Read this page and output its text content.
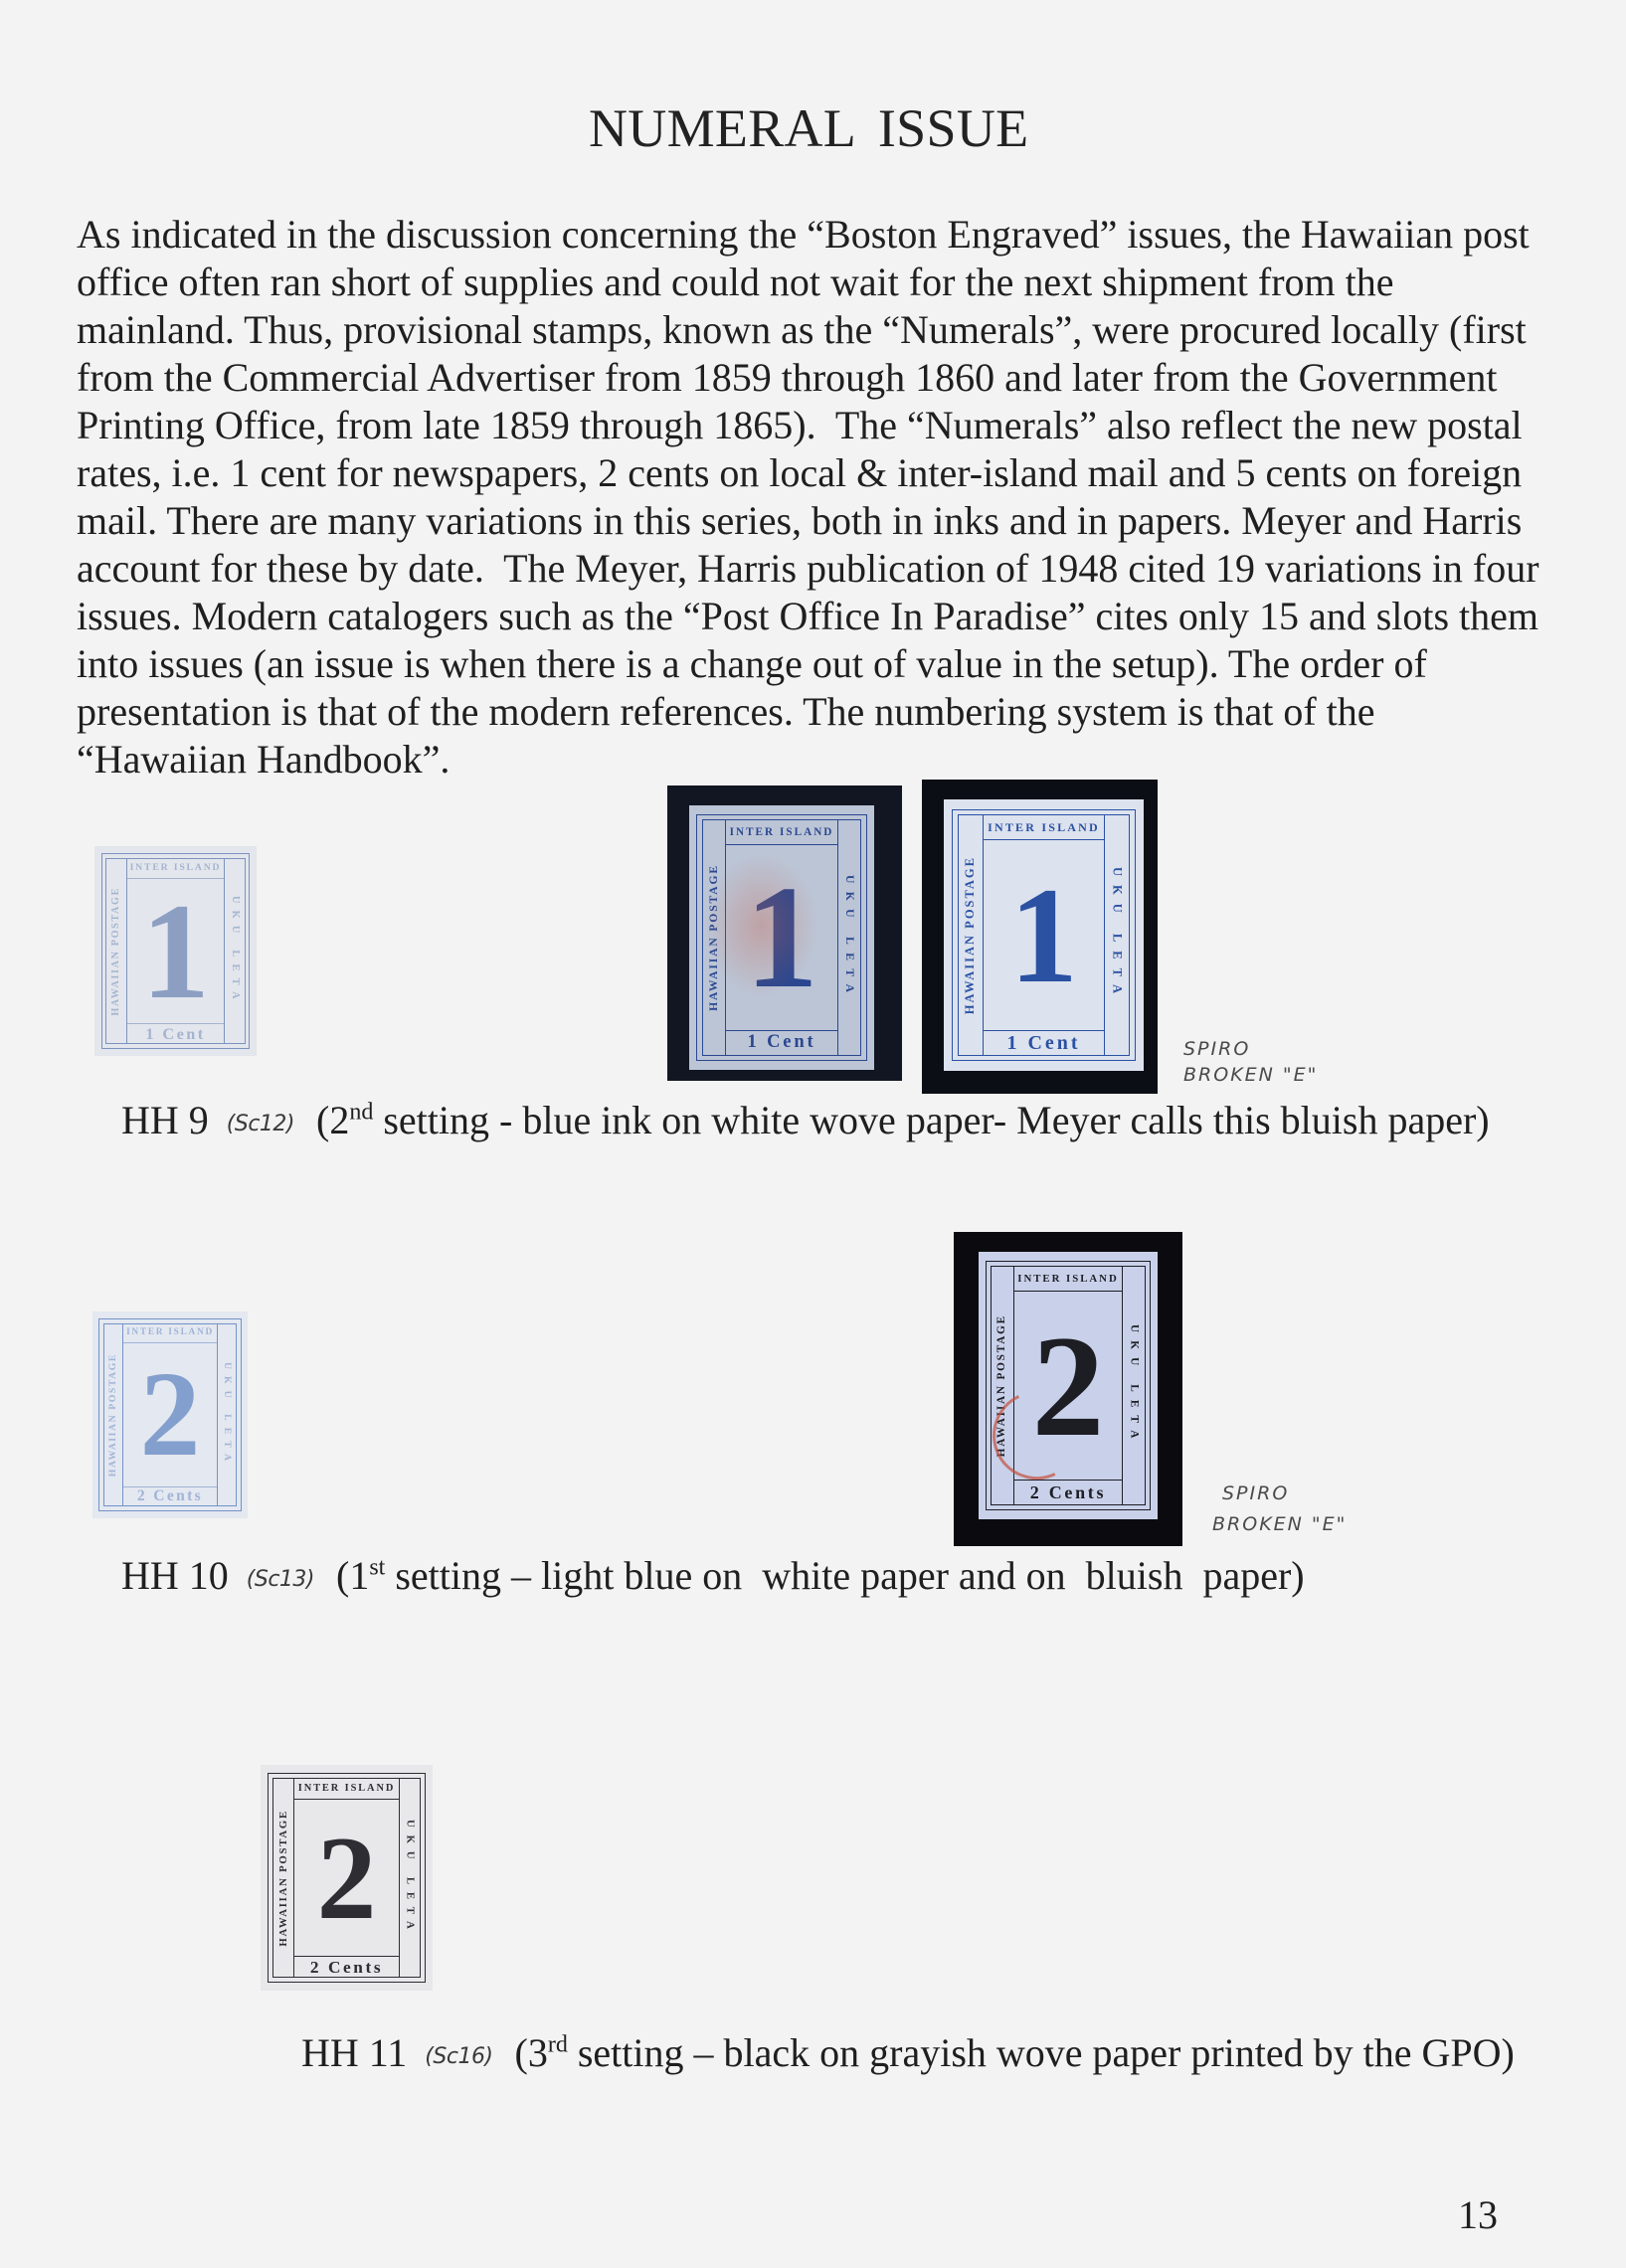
NUMERAL ISSUE
As indicated in the discussion concerning the “Boston Engraved” issues, the Hawaiian post
office often ran short of supplies and could not wait for the next shipment from the
mainland. Thus, provisional stamps, known as the “Numerals”, were procured locally (first
from the Commercial Advertiser from 1859 through 1860 and later from the Government
Printing Office, from late 1859 through 1865).  The “Numerals” also reflect the new postal
rates, i.e. 1 cent for newspapers, 2 cents on local & inter-island mail and 5 cents on foreign
mail. There are many variations in this series, both in inks and in papers. Meyer and Harris
account for these by date.  The Meyer, Harris publication of 1948 cited 19 variations in four
issues. Modern catalogers such as the “Post Office In Paradise” cites only 15 and slots them
into issues (an issue is when there is a change out of value in the setup). The order of
presentation is that of the modern references. The numbering system is that of the
“Hawaiian Handbook”.
HAWAIIAN POSTAGE	UKU LETA
INTER ISLAND
1
1 Cent
HAWAIIAN POSTAGE	UKU LETA
INTER ISLAND
1
1 Cent
HAWAIIAN POSTAGE	UKU LETA
INTER ISLAND
1
1 Cent	SPIRO
BROKEN "E"
HH 9 (Sc12) (2nd setting - blue ink on white wove paper- Meyer calls this bluish paper)
HAWAIIAN POSTAGE	UKU LETA
INTER ISLAND
2
2 Cents
HAWAIIAN POSTAGE	UKU LETA
INTER ISLAND
2
2 Cents	SPIRO
BROKEN "E"
HH 10 (Sc13) (1st setting – light blue on  white paper and on  bluish  paper)
HAWAIIAN POSTAGE	UKU LETA
INTER ISLAND
2
2 Cents
HH 11 (Sc16) (3rd setting – black on grayish wove paper printed by the GPO)
13
